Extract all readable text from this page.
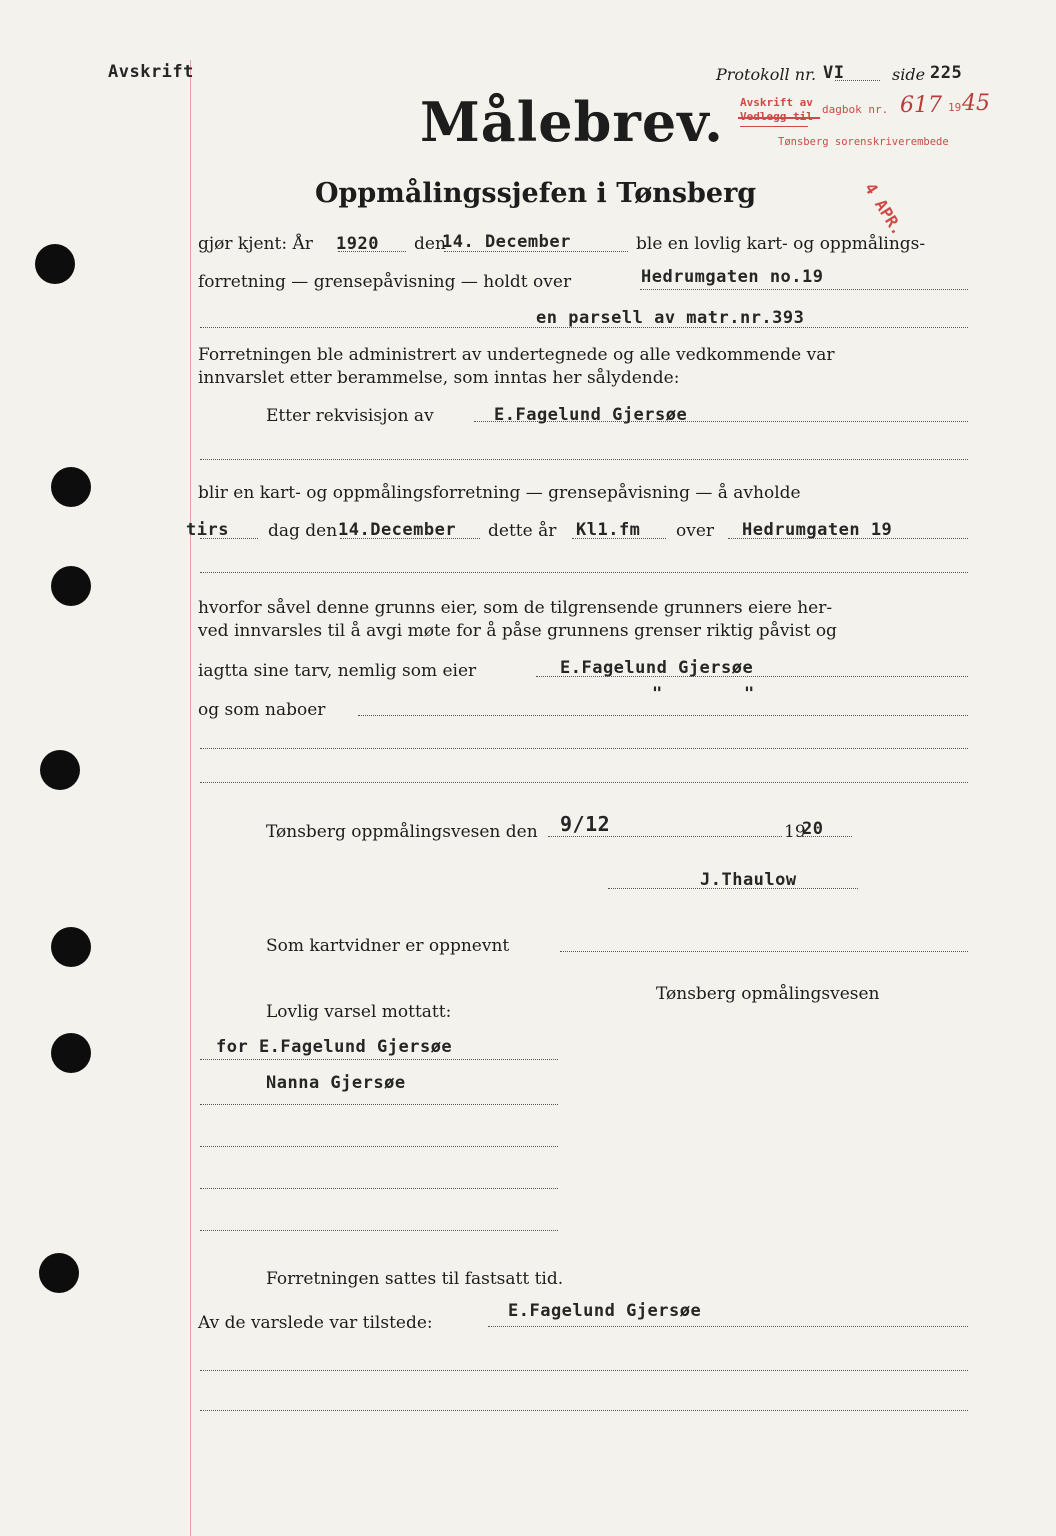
Avskrift	Protokoll nr. VI	side 225
Avskrift av
dagbok nr. 617 19 45
Tønsberg sorenskriverembede
4 APR.
Målebrev.
Oppmålingssjefen i Tønsberg
gjør kjent: År 1920 den
14. December	ble en lovlig kart- og oppmålings-
forretning — grensepåvisning — holdt over	Hedrumgaten no.19
en parsell av matr.nr.393
Forretningen ble administrert av undertegnede og alle vedkommende var
innvarslet etter berammelse, som inntas her sålydende:
Etter rekvisisjon av	E.Fagelund Gjersøe
blir en kart- og oppmålingsforretning — grensepåvisning — å avholde
tirs dag den 14.December dette år Kl1.fm over Hedrumgaten 19
hvorfor såvel denne grunns eier, som de tilgrensende grunners eiere her-
ved innvarsles til å avgi møte for å påse grunnens grenser riktig påvist og
iagtta sine tarv, nemlig som eier	E.Fagelund Gjersøe
og som naboer
"	"
Tønsberg oppmålingsvesen den 9/12	19
20
J.Thaulow
Som kartvidner er oppnevnt
Tønsberg opmålingsvesen
Lovlig varsel mottatt:
for E.Fagelund Gjersøe
Nanna Gjersøe
Forretningen sattes til fastsatt tid.
Av de varslede var tilstede:
E.Fagelund Gjersøe
